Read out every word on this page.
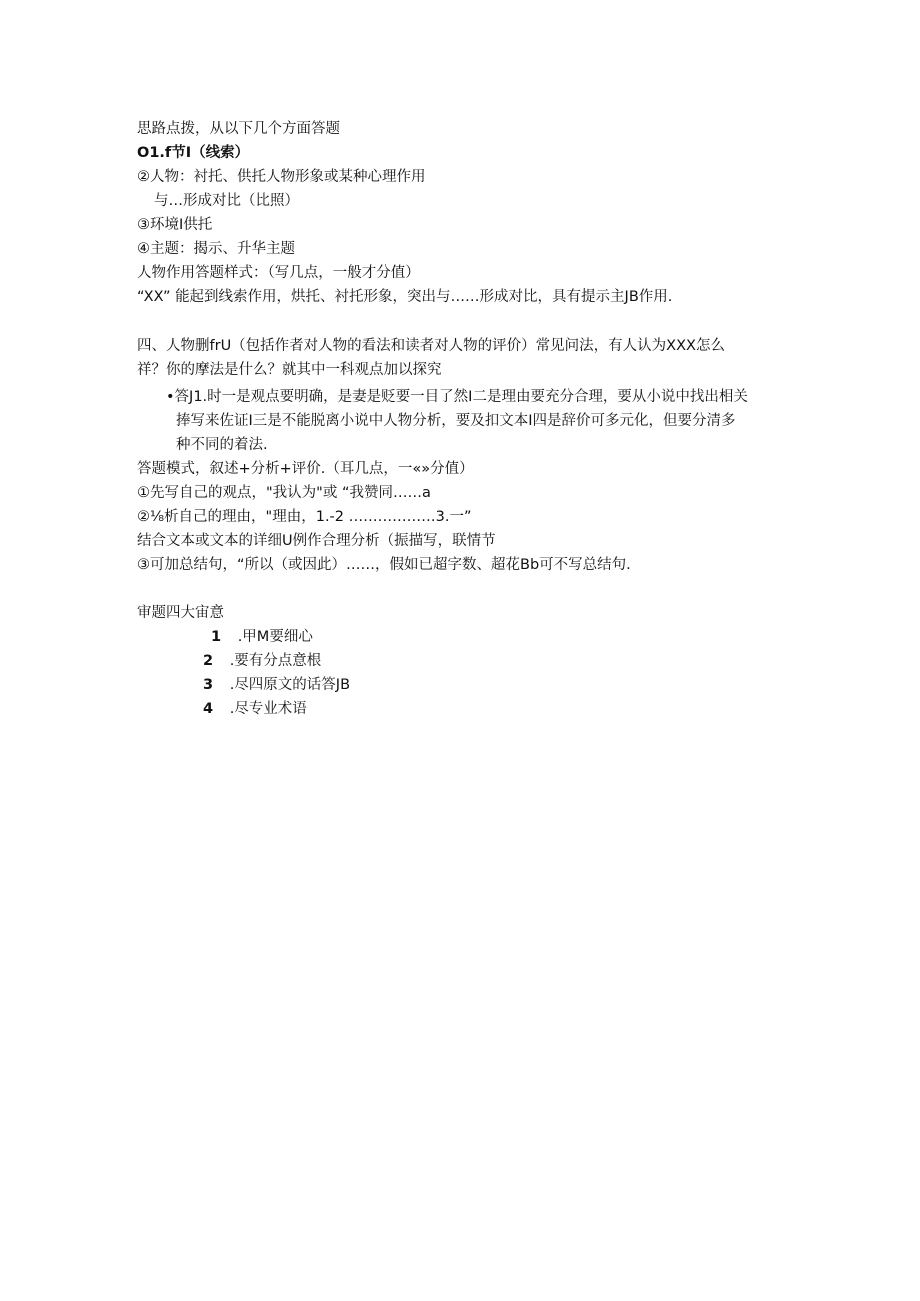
思路点拨，从以下几个方面答题
O1.f节I（线索）
②人物：衬托、供托人物形象或某种心理作用
与…形成对比（比照）
③环境I供托
④主题：揭示、升华主题
人物作用答题样式：（写几点，一般才分值）
“XX” 能起到线索作用，烘托、衬托形象，突出与……形成对比，具有提示主JB作用.
四、人物删frU（包括作者对人物的看法和读者对人物的评价）常见问法，有人认为XXX怎么
祥？你的摩法是什么？就其中一科观点加以探究
•答J1.时一是观点要明确，是妻是贬要一目了然I二是理由要充分合理，要从小说中找出相关
捧写来佐证I三是不能脱离小说中人物分析，要及扣文本I四是辞价可多元化，但要分清多
种不同的着法.
答题模式，叙述+分析+评价.（耳几点，一«»分值）
①先写自己的观点，"我认为"或 “我赞同……a
②⅛析自己的理由，"理由，1.-2 ………………3.一”
结合文本或文本的详细U例作合理分析（振描写，联情节
③可加总结句，“所以（或因此）……，假如已超字数、超花Bb可不写总结句.
审题四大宙意
1 .甲M要细心
2 .要有分点意根
3 .尽四原文的话答JB
4 .尽专业术语
